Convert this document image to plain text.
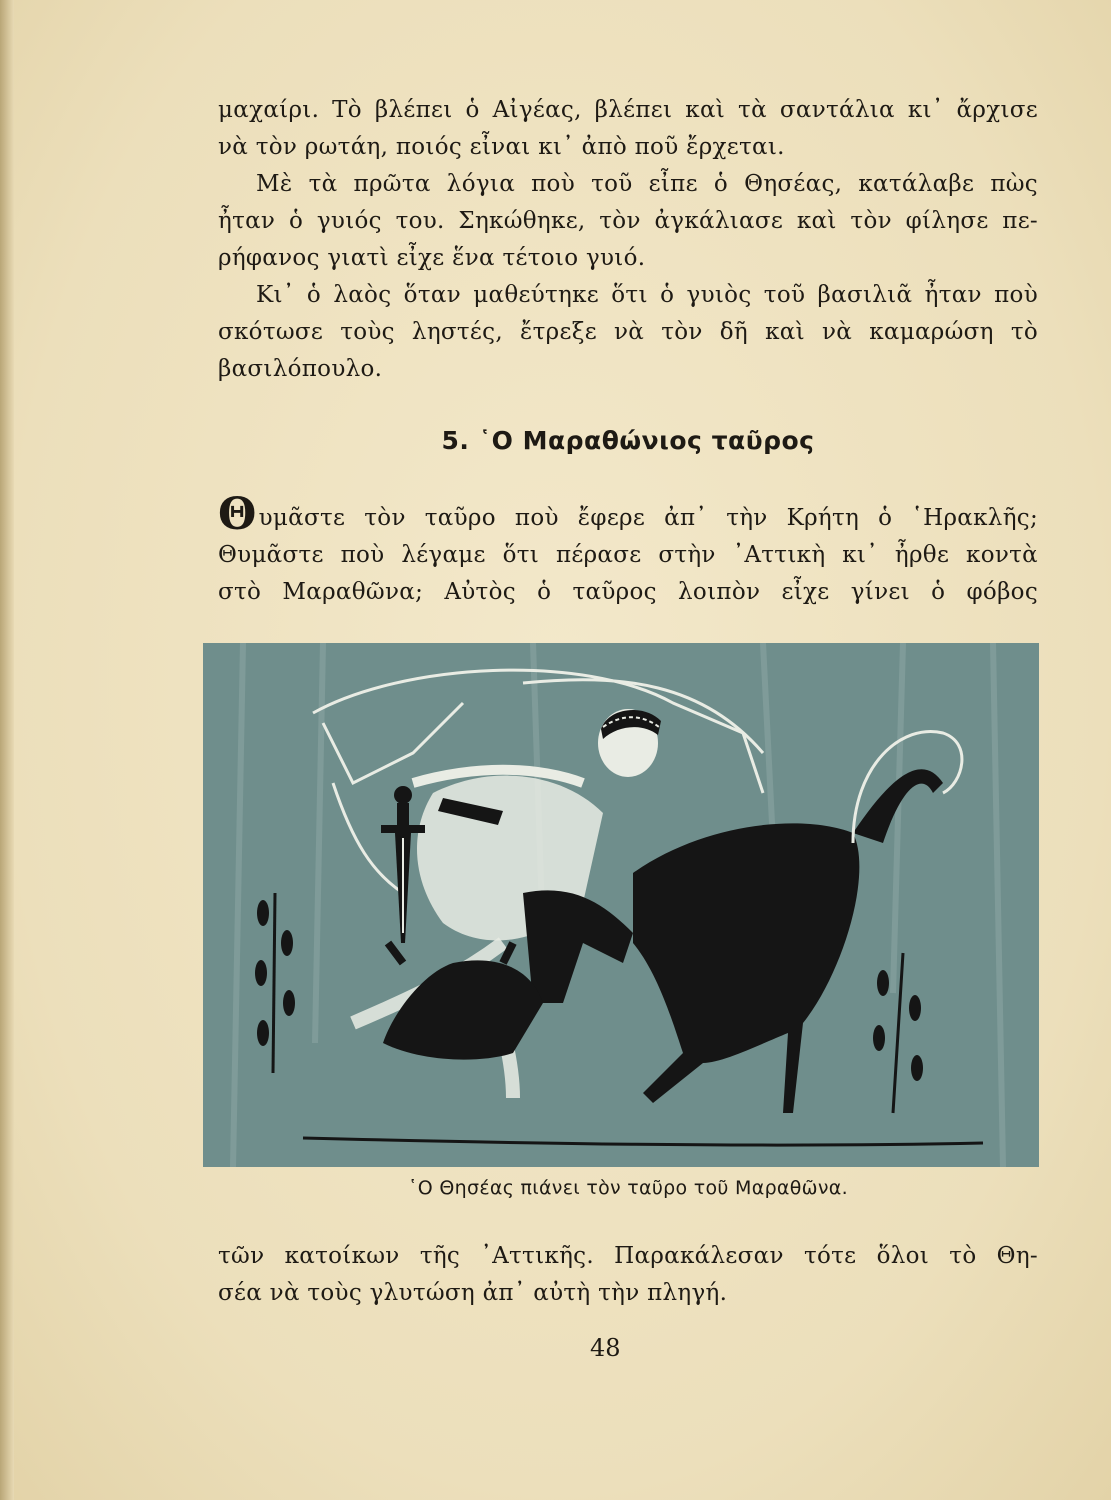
μαχαίρι. Τὸ βλέπει ὁ Αἰγέας, βλέπει καὶ τὰ σαντάλια κι᾿ ἄρχισε
νὰ τὸν ρωτάη, ποιός εἶναι κι᾿ ἀπὸ ποῦ ἔρχεται.

Μὲ τὰ πρῶτα λόγια ποὺ τοῦ εἶπε ὁ Θησέας, κατάλαβε πὼς
ἦταν ὁ γυιός του. Σηκώθηκε, τὸν ἀγκάλιασε καὶ τὸν φίλησε πε-
ρήφανος γιατὶ εἶχε ἕνα τέτοιο γυιό.

Κι᾿ ὁ λαὸς ὅταν μαθεύτηκε ὅτι ὁ γυιὸς τοῦ βασιλιᾶ ἦταν ποὺ
σκότωσε τοὺς ληστές, ἔτρεξε νὰ τὸν δῆ καὶ νὰ καμαρώση τὸ
βασιλόπουλο.

5. ῾Ο Μαραθώνιος ταῦρος

Θυμᾶστε τὸν ταῦρο ποὺ ἔφερε ἀπ᾿ τὴν Κρήτη ὁ ῾Ηρακλῆς;
Θυμᾶστε ποὺ λέγαμε ὅτι πέρασε στὴν ᾿Αττικὴ κι᾿ ἦρθε κοντὰ
στὸ Μαραθῶνα; Αὐτὸς ὁ ταῦρος λοιπὸν εἶχε γίνει ὁ φόβος

῾Ο Θησέας πιάνει τὸν ταῦρο τοῦ Μαραθῶνα.

τῶν κατοίκων τῆς ᾿Αττικῆς. Παρακάλεσαν τότε ὅλοι τὸ Θη-
σέα νὰ τοὺς γλυτώση ἀπ᾿ αὐτὴ τὴν πληγή.

48
